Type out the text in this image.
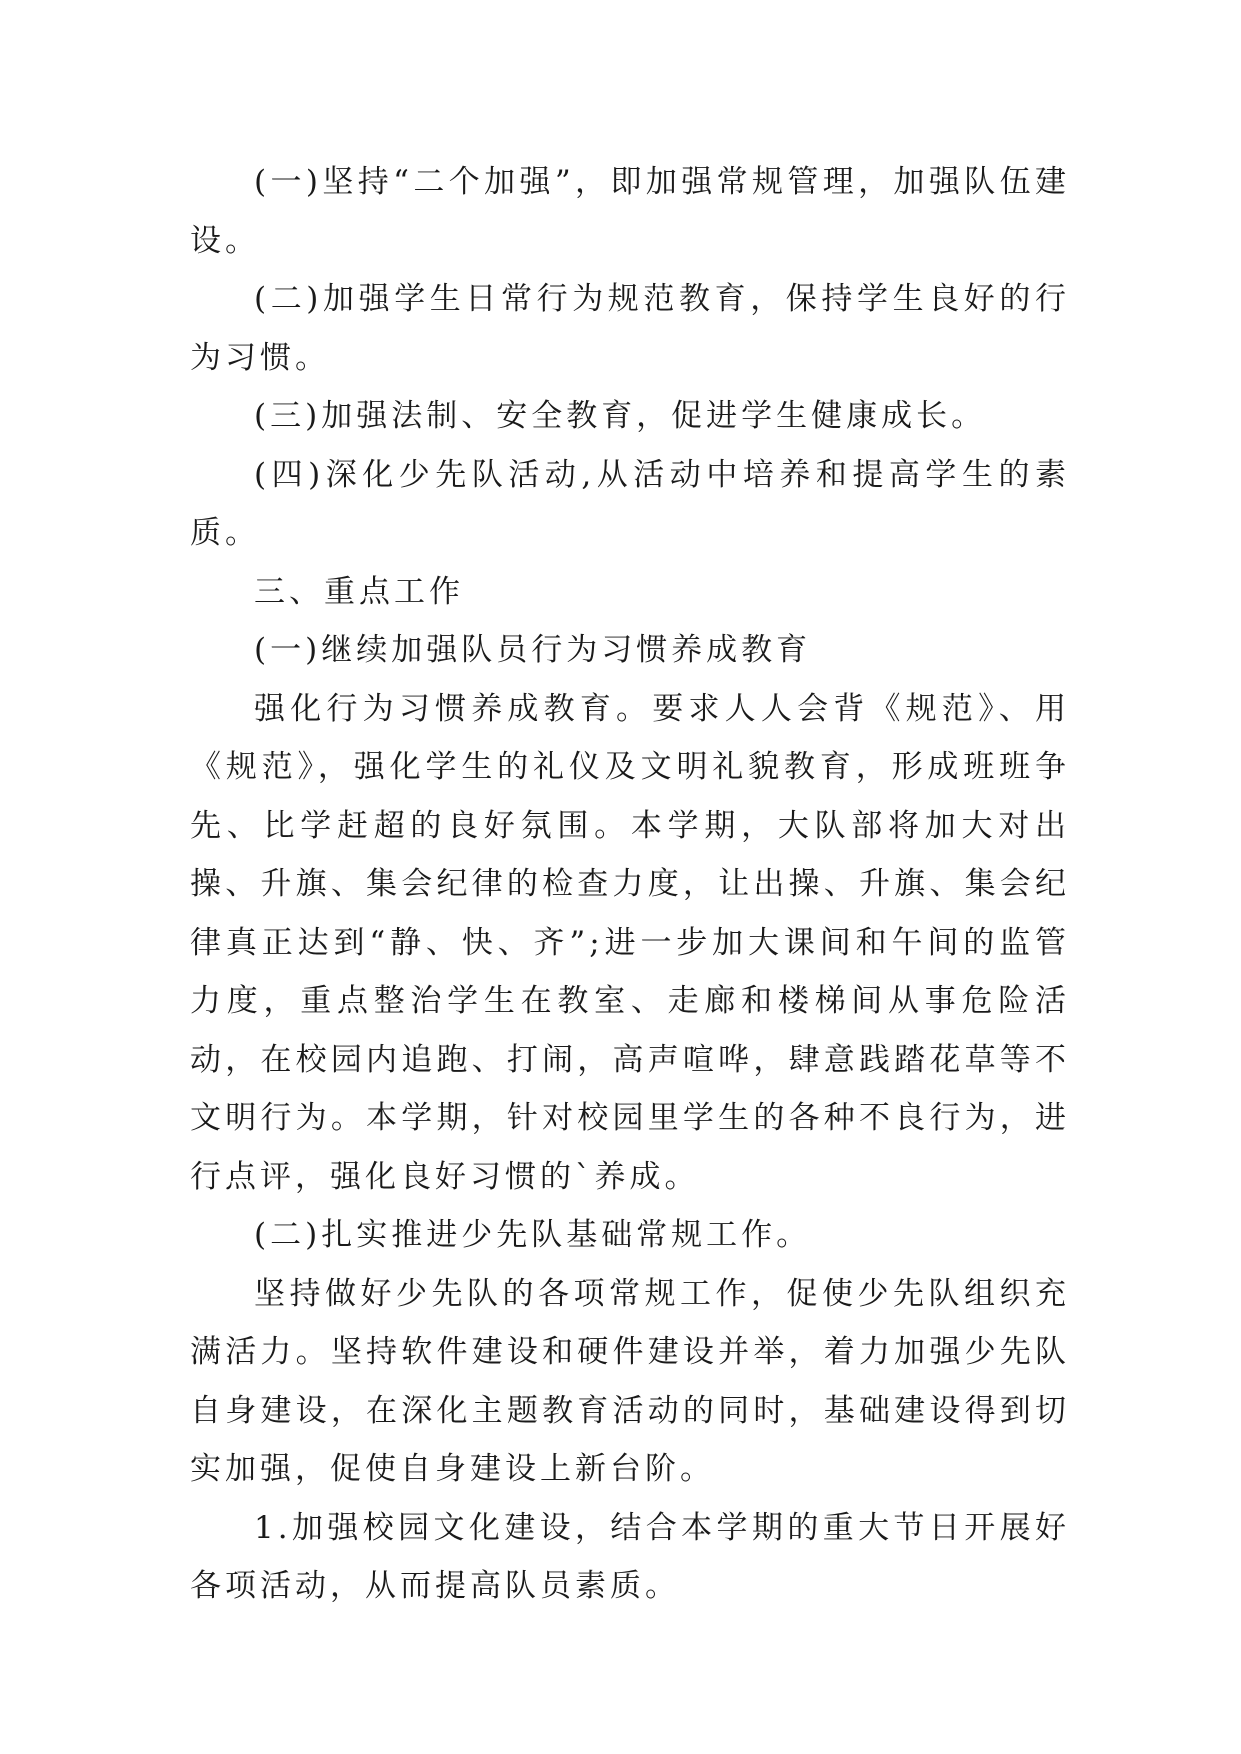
(一)坚持“二个加强”，即加强常规管理，加强队伍建设。

(二)加强学生日常行为规范教育，保持学生良好的行为习惯。

(三)加强法制、安全教育，促进学生健康成长。

(四)深化少先队活动,从活动中培养和提高学生的素质。

三、重点工作

(一)继续加强队员行为习惯养成教育

强化行为习惯养成教育。要求人人会背《规范》、用《规范》，强化学生的礼仪及文明礼貌教育，形成班班争先、比学赶超的良好氛围。本学期，大队部将加大对出操、升旗、集会纪律的检查力度，让出操、升旗、集会纪律真正达到“静、快、齐”;进一步加大课间和午间的监管力度，重点整治学生在教室、走廊和楼梯间从事危险活动，在校园内追跑、打闹，高声喧哗，肆意践踏花草等不文明行为。本学期，针对校园里学生的各种不良行为，进行点评，强化良好习惯的`养成。

(二)扎实推进少先队基础常规工作。

坚持做好少先队的各项常规工作，促使少先队组织充满活力。坚持软件建设和硬件建设并举，着力加强少先队自身建设，在深化主题教育活动的同时，基础建设得到切实加强，促使自身建设上新台阶。

1.加强校园文化建设，结合本学期的重大节日开展好各项活动，从而提高队员素质。
